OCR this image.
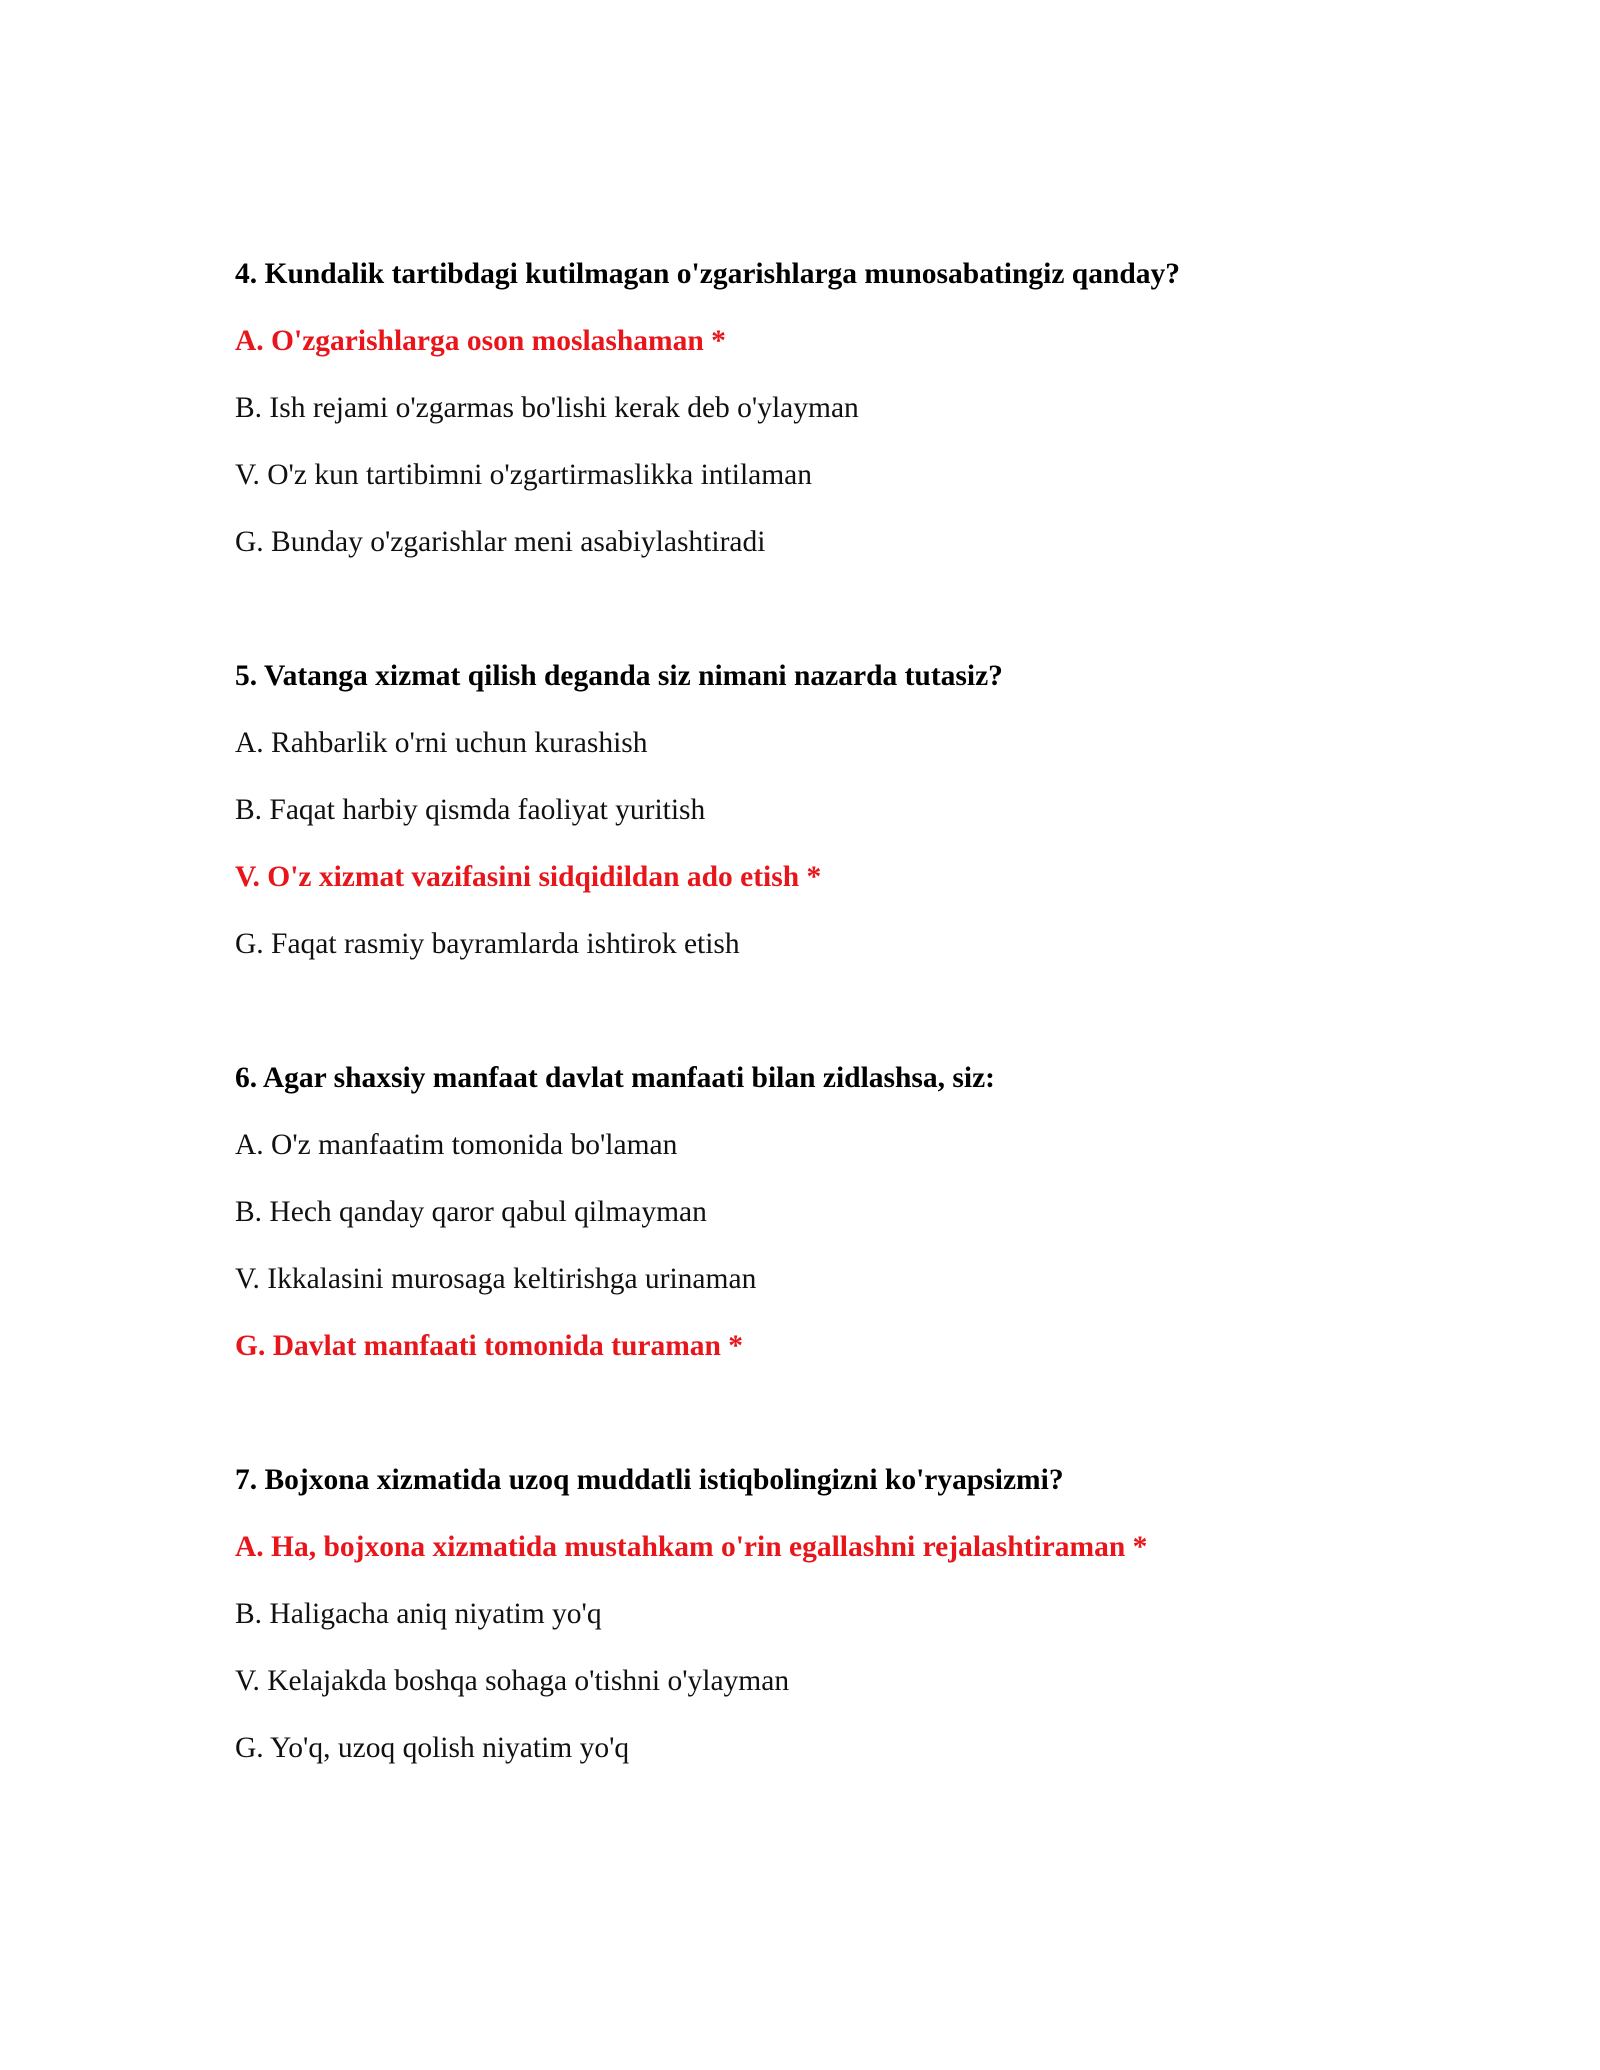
4. Kundalik tartibdagi kutilmagan o'zgarishlarga munosabatingiz qanday?
A. O'zgarishlarga oson moslashaman *
B. Ish rejami o'zgarmas bo'lishi kerak deb o'ylayman
V. O'z kun tartibimni o'zgartirmaslikka intilaman
G. Bunday o'zgarishlar meni asabiylashtiradi
5. Vatanga xizmat qilish deganda siz nimani nazarda tutasiz?
A. Rahbarlik o'rni uchun kurashish
B. Faqat harbiy qismda faoliyat yuritish
V. O'z xizmat vazifasini sidqidildan ado etish *
G. Faqat rasmiy bayramlarda ishtirok etish
6. Agar shaxsiy manfaat davlat manfaati bilan zidlashsa, siz:
A. O'z manfaatim tomonida bo'laman
B. Hech qanday qaror qabul qilmayman
V. Ikkalasini murosaga keltirishga urinaman
G. Davlat manfaati tomonida turaman *
7. Bojxona xizmatida uzoq muddatli istiqbolingizni ko'ryapsizmi?
A. Ha, bojxona xizmatida mustahkam o'rin egallashni rejalashtiraman *
B. Haligacha aniq niyatim yo'q
V. Kelajakda boshqa sohaga o'tishni o'ylayman
G. Yo'q, uzoq qolish niyatim yo'q
